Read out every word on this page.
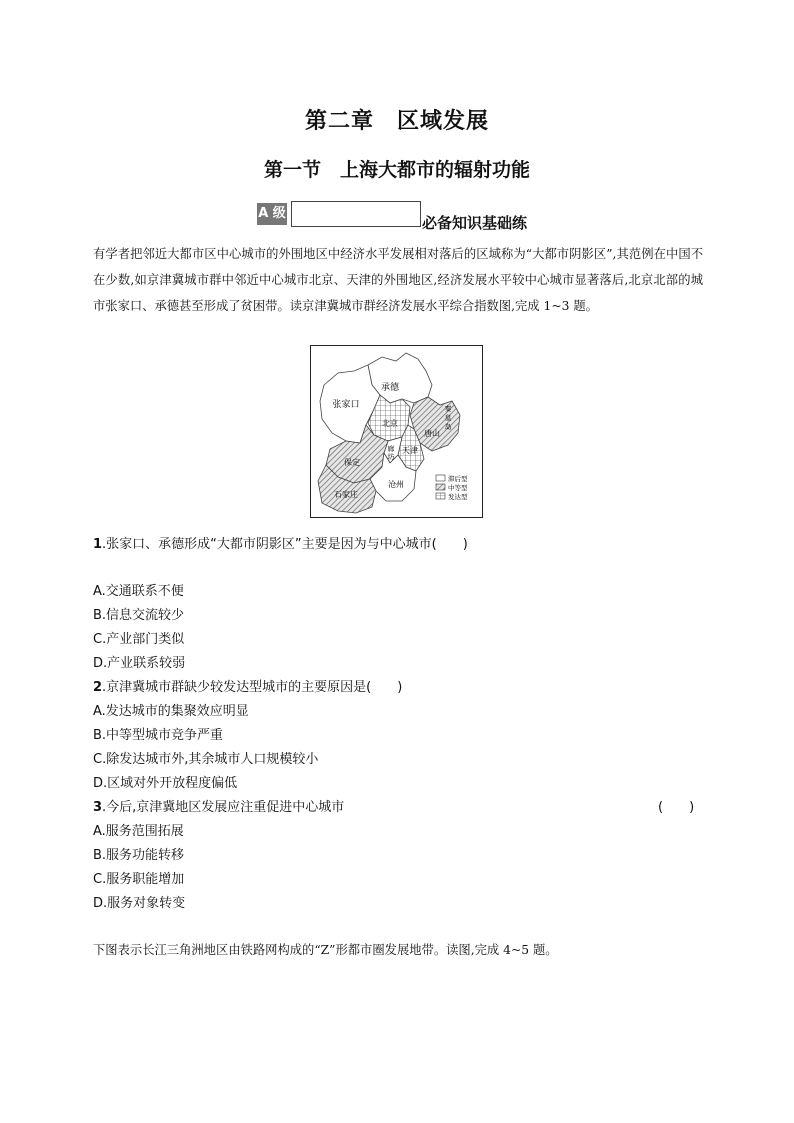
第二章　区域发展
第一节　上海大都市的辐射功能
A 级
必备知识基础练
有学者把邻近大都市区中心城市的外围地区中经济水平发展相对落后的区域称为“大都市阴影区”,其范例在中国不在少数,如京津冀城市群中邻近中心城市北京、天津的外围地区,经济发展水平较中心城市显著落后,北京北部的城市张家口、承德甚至形成了贫困带。读京津冀城市群经济发展水平综合指数图,完成 1~3 题。
承德
张家口
北京
唐山
秦
皇
岛
廊
坊
天津
保定
沧州
石家庄
滞后型
中等型
发达型
1.张家口、承德形成“大都市阴影区”主要是因为与中心城市(　　)
A.交通联系不便
B.信息交流较少
C.产业部门类似
D.产业联系较弱
2.京津冀城市群缺少较发达型城市的主要原因是(　　)
A.发达城市的集聚效应明显
B.中等型城市竞争严重
C.除发达城市外,其余城市人口规模较小
D.区域对外开放程度偏低
3.今后,京津冀地区发展应注重促进中心城市	(　　)
A.服务范围拓展
B.服务功能转移
C.服务职能增加
D.服务对象转变
下图表示长江三角洲地区由铁路网构成的“Z”形都市圈发展地带。读图,完成 4~5 题。
